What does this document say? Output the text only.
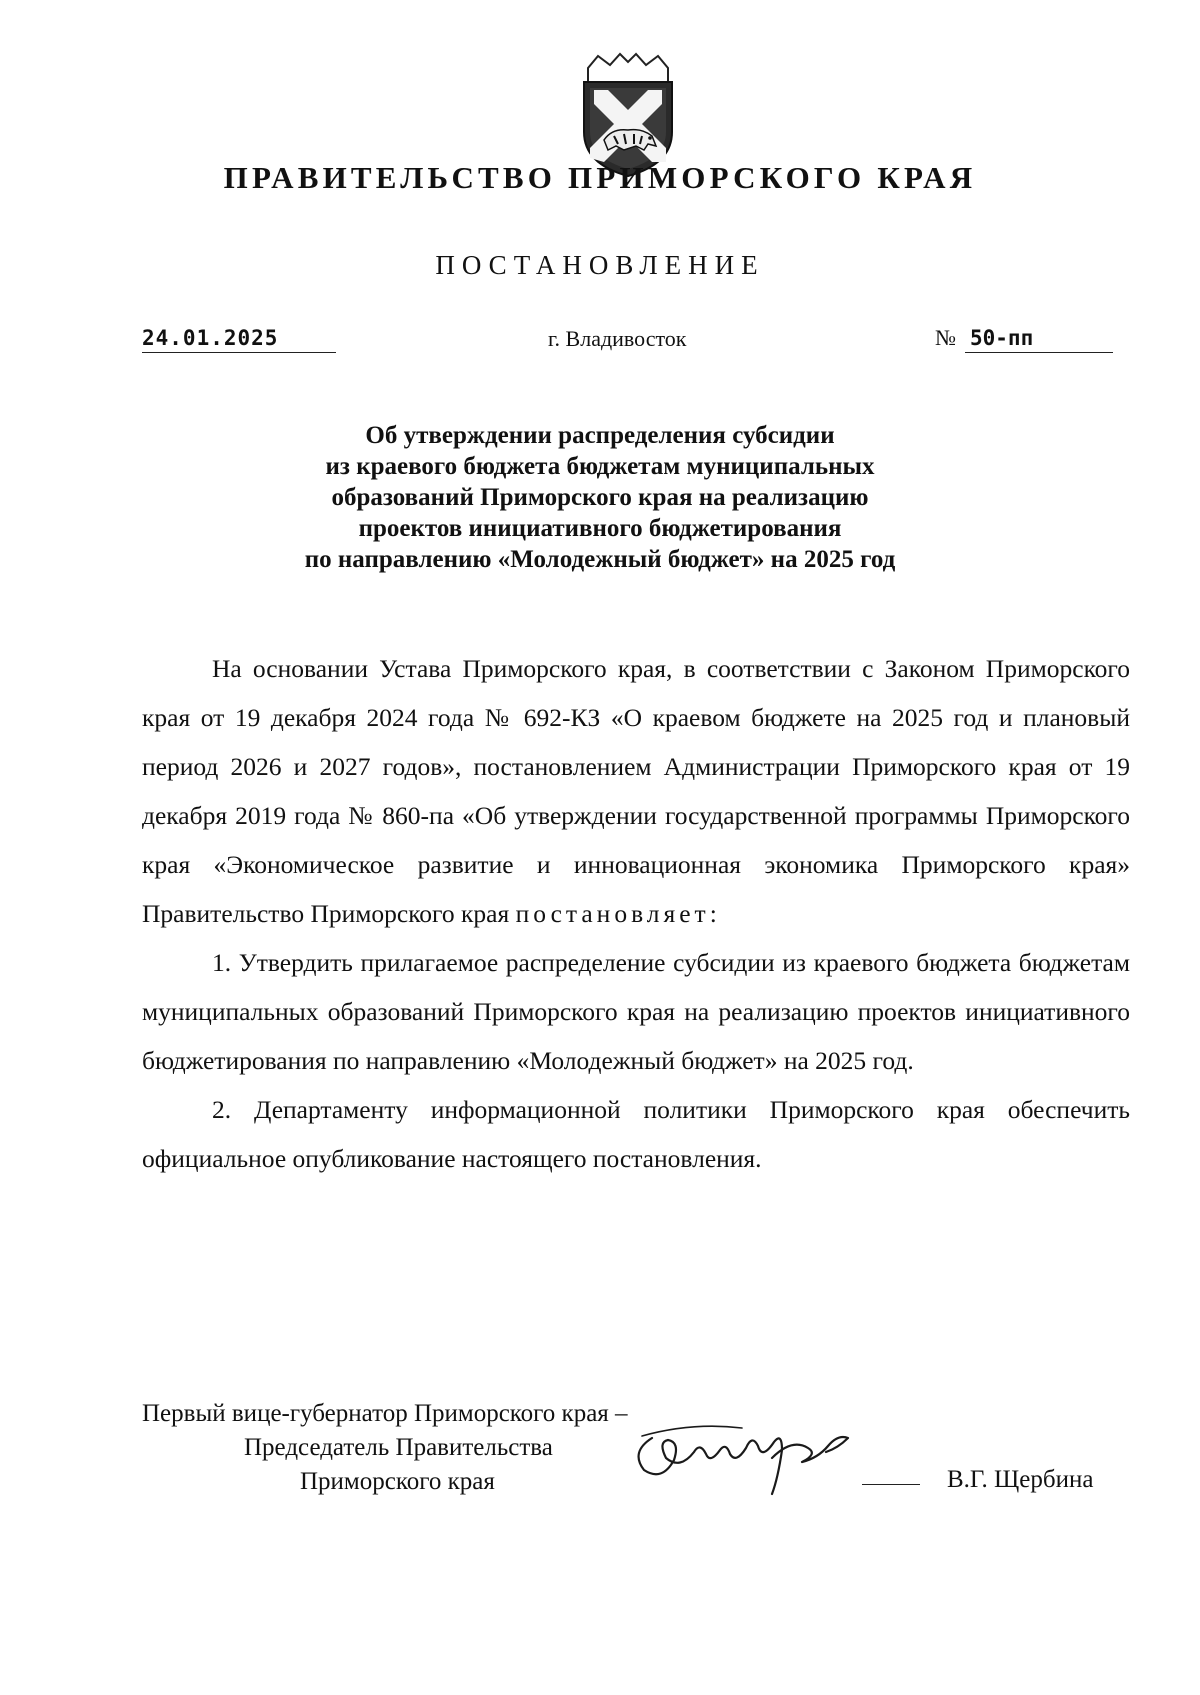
ПРАВИТЕЛЬСТВО ПРИМОРСКОГО КРАЯ
ПОСТАНОВЛЕНИЕ
24.01.2025	г. Владивосток	№ 50-пп
Об утверждении распределения субсидии
из краевого бюджета бюджетам муниципальных
образований Приморского края на реализацию
проектов инициативного бюджетирования
по направлению «Молодежный бюджет» на 2025 год

На основании Устава Приморского края, в соответствии с Законом Приморского края от 19 декабря 2024 года № 692-КЗ «О краевом бюджете на 2025 год и плановый период 2026 и 2027 годов», постановлением Администрации Приморского края от 19 декабря 2019 года № 860-па «Об утверждении государственной программы Приморского края «Экономическое развитие и инновационная экономика Приморского края» Правительство Приморского края постановляет:

1. Утвердить прилагаемое распределение субсидии из краевого бюджета бюджетам муниципальных образований Приморского края на реализацию проектов инициативного бюджетирования по направлению «Молодежный бюджет» на 2025 год.

2. Департаменту информационной политики Приморского края обеспечить официальное опубликование настоящего постановления.

Первый вице-губернатор Приморского края –
Председатель Правительства
Приморского края	В.Г. Щербина
